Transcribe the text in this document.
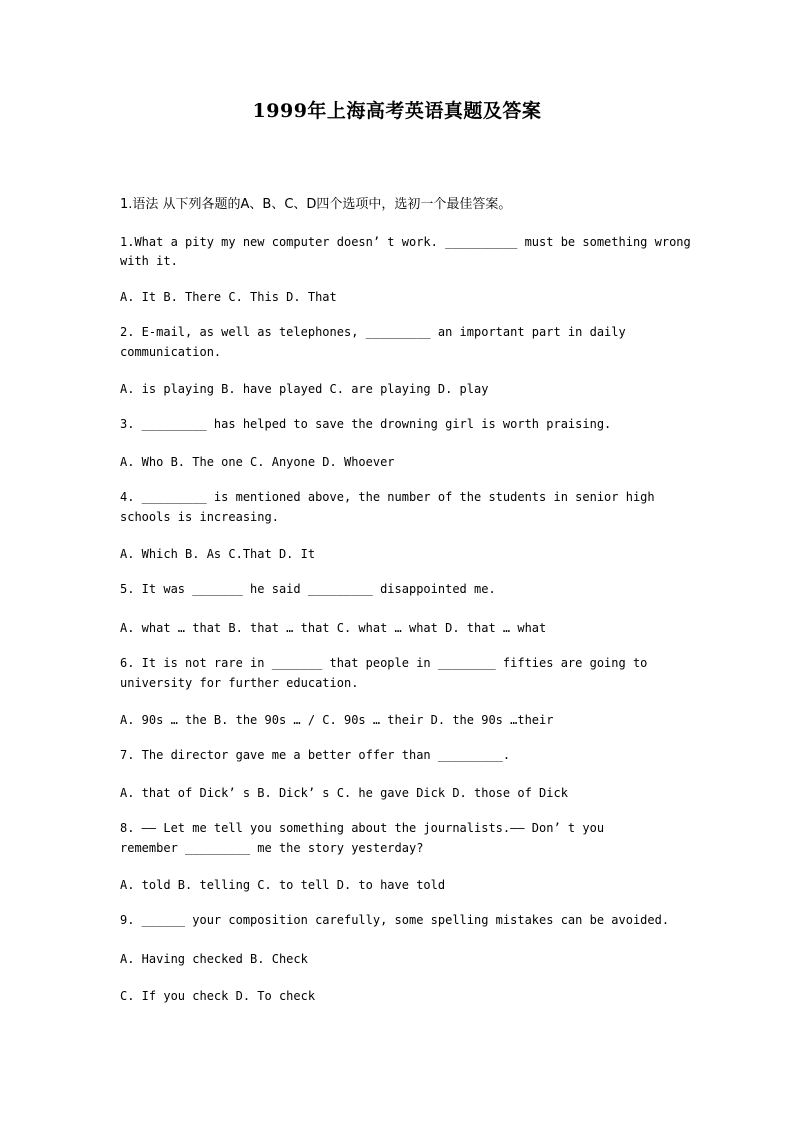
1999年上海高考英语真题及答案
1.语法 从下列各题的A、B、C、D四个选项中，选初一个最佳答案。
1.What a pity my new computer doesn’ t work. __________ must be something wrong
with it.
A. It B. There C. This D. That
2. E-mail, as well as telephones, _________ an important part in daily
communication.
A. is playing B. have played C. are playing D. play
3. _________ has helped to save the drowning girl is worth praising.
A. Who B. The one C. Anyone D. Whoever
4. _________ is mentioned above, the number of the students in senior high
schools is increasing.
A. Which B. As C.That D. It
5. It was _______ he said _________ disappointed me.
A. what … that B. that … that C. what … what D. that … what
6. It is not rare in _______ that people in ________ fifties are going to
university for further education.
A. 90s … the B. the 90s … / C. 90s … their D. the 90s …their
7. The director gave me a better offer than _________.
A. that of Dick’ s B. Dick’ s C. he gave Dick D. those of Dick
8. —— Let me tell you something about the journalists.—— Don’ t you
remember _________ me the story yesterday?
A. told B. telling C. to tell D. to have told
9. ______ your composition carefully, some spelling mistakes can be avoided.
A. Having checked B. Check
C. If you check D. To check
